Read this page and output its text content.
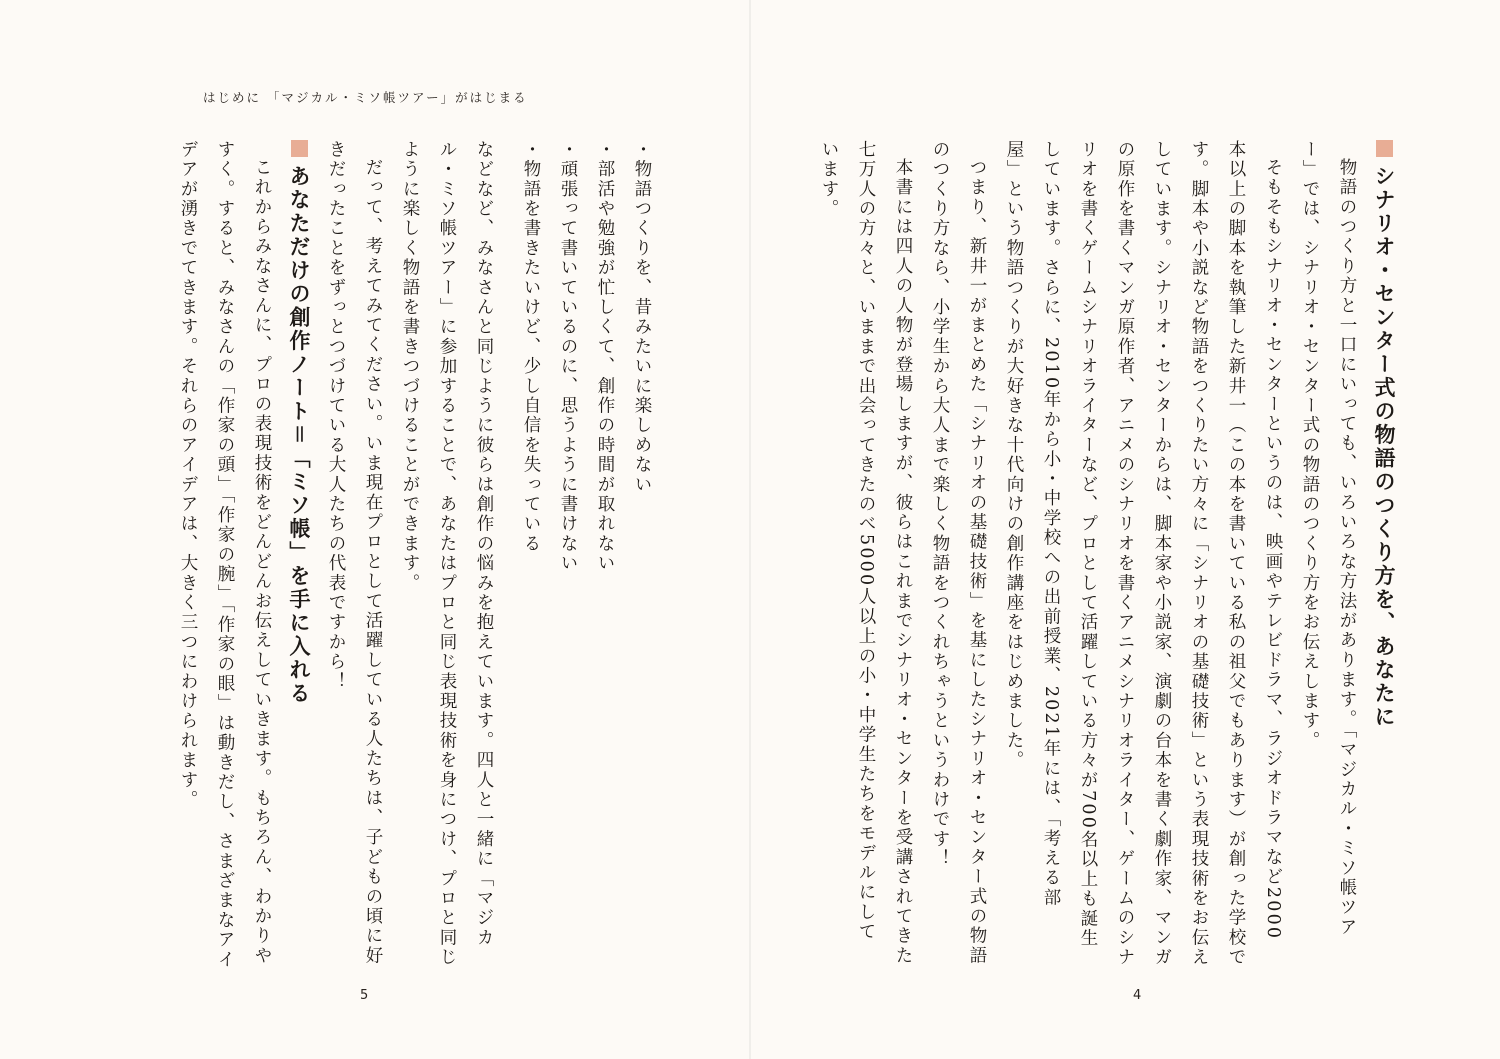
はじめに 「マジカル・ミソ帳ツアー」がはじまる
シナリオ・センター式の物語のつくり方を、あなたに
物語のつくり方と一口にいっても、いろいろな方法があります。「マジカル・ミソ帳ツア
ー」では、シナリオ・センター式の物語のつくり方をお伝えします。
そもそもシナリオ・センターというのは、映画やテレビドラマ、ラジオドラマなど2000
本以上の脚本を執筆した新井一（この本を書いている私の祖父でもあります）が創った学校で
す。脚本や小説など物語をつくりたい方々に「シナリオの基礎技術」という表現技術をお伝え
しています。シナリオ・センターからは、脚本家や小説家、演劇の台本を書く劇作家、マンガ
の原作を書くマンガ原作者、アニメのシナリオを書くアニメシナリオライター、ゲームのシナ
リオを書くゲームシナリオライターなど、プロとして活躍している方々が700名以上も誕生
しています。さらに、2010年から小・中学校への出前授業、2021年には、「考える部
屋」という物語つくりが大好きな十代向けの創作講座をはじめました。
つまり、新井一がまとめた「シナリオの基礎技術」を基にしたシナリオ・センター式の物語
のつくり方なら、小学生から大人まで楽しく物語をつくれちゃうというわけです！
本書には四人の人物が登場しますが、彼らはこれまでシナリオ・センターを受講されてきた
七万人の方々と、いままで出会ってきたのべ5000人以上の小・中学生たちをモデルにして
います。
・物語つくりを、昔みたいに楽しめない
・部活や勉強が忙しくて、創作の時間が取れない
・頑張って書いているのに、思うように書けない
・物語を書きたいけど、少し自信を失っている
などなど、みなさんと同じように彼らは創作の悩みを抱えています。四人と一緒に「マジカ
ル・ミソ帳ツアー」に参加することで、あなたはプロと同じ表現技術を身につけ、プロと同じ
ように楽しく物語を書きつづけることができます。
だって、考えてみてください。いま現在プロとして活躍している人たちは、子どもの頃に好
きだったことをずっとつづけている大人たちの代表ですから！
あなただけの創作ノート＝「ミソ帳」を手に入れる
これからみなさんに、プロの表現技術をどんどんお伝えしていきます。もちろん、わかりや
すく。すると、みなさんの「作家の頭」「作家の腕」「作家の眼」は動きだし、さまざまなアイ
デアが湧きでてきます。それらのアイデアは、大きく三つにわけられます。
5	4
